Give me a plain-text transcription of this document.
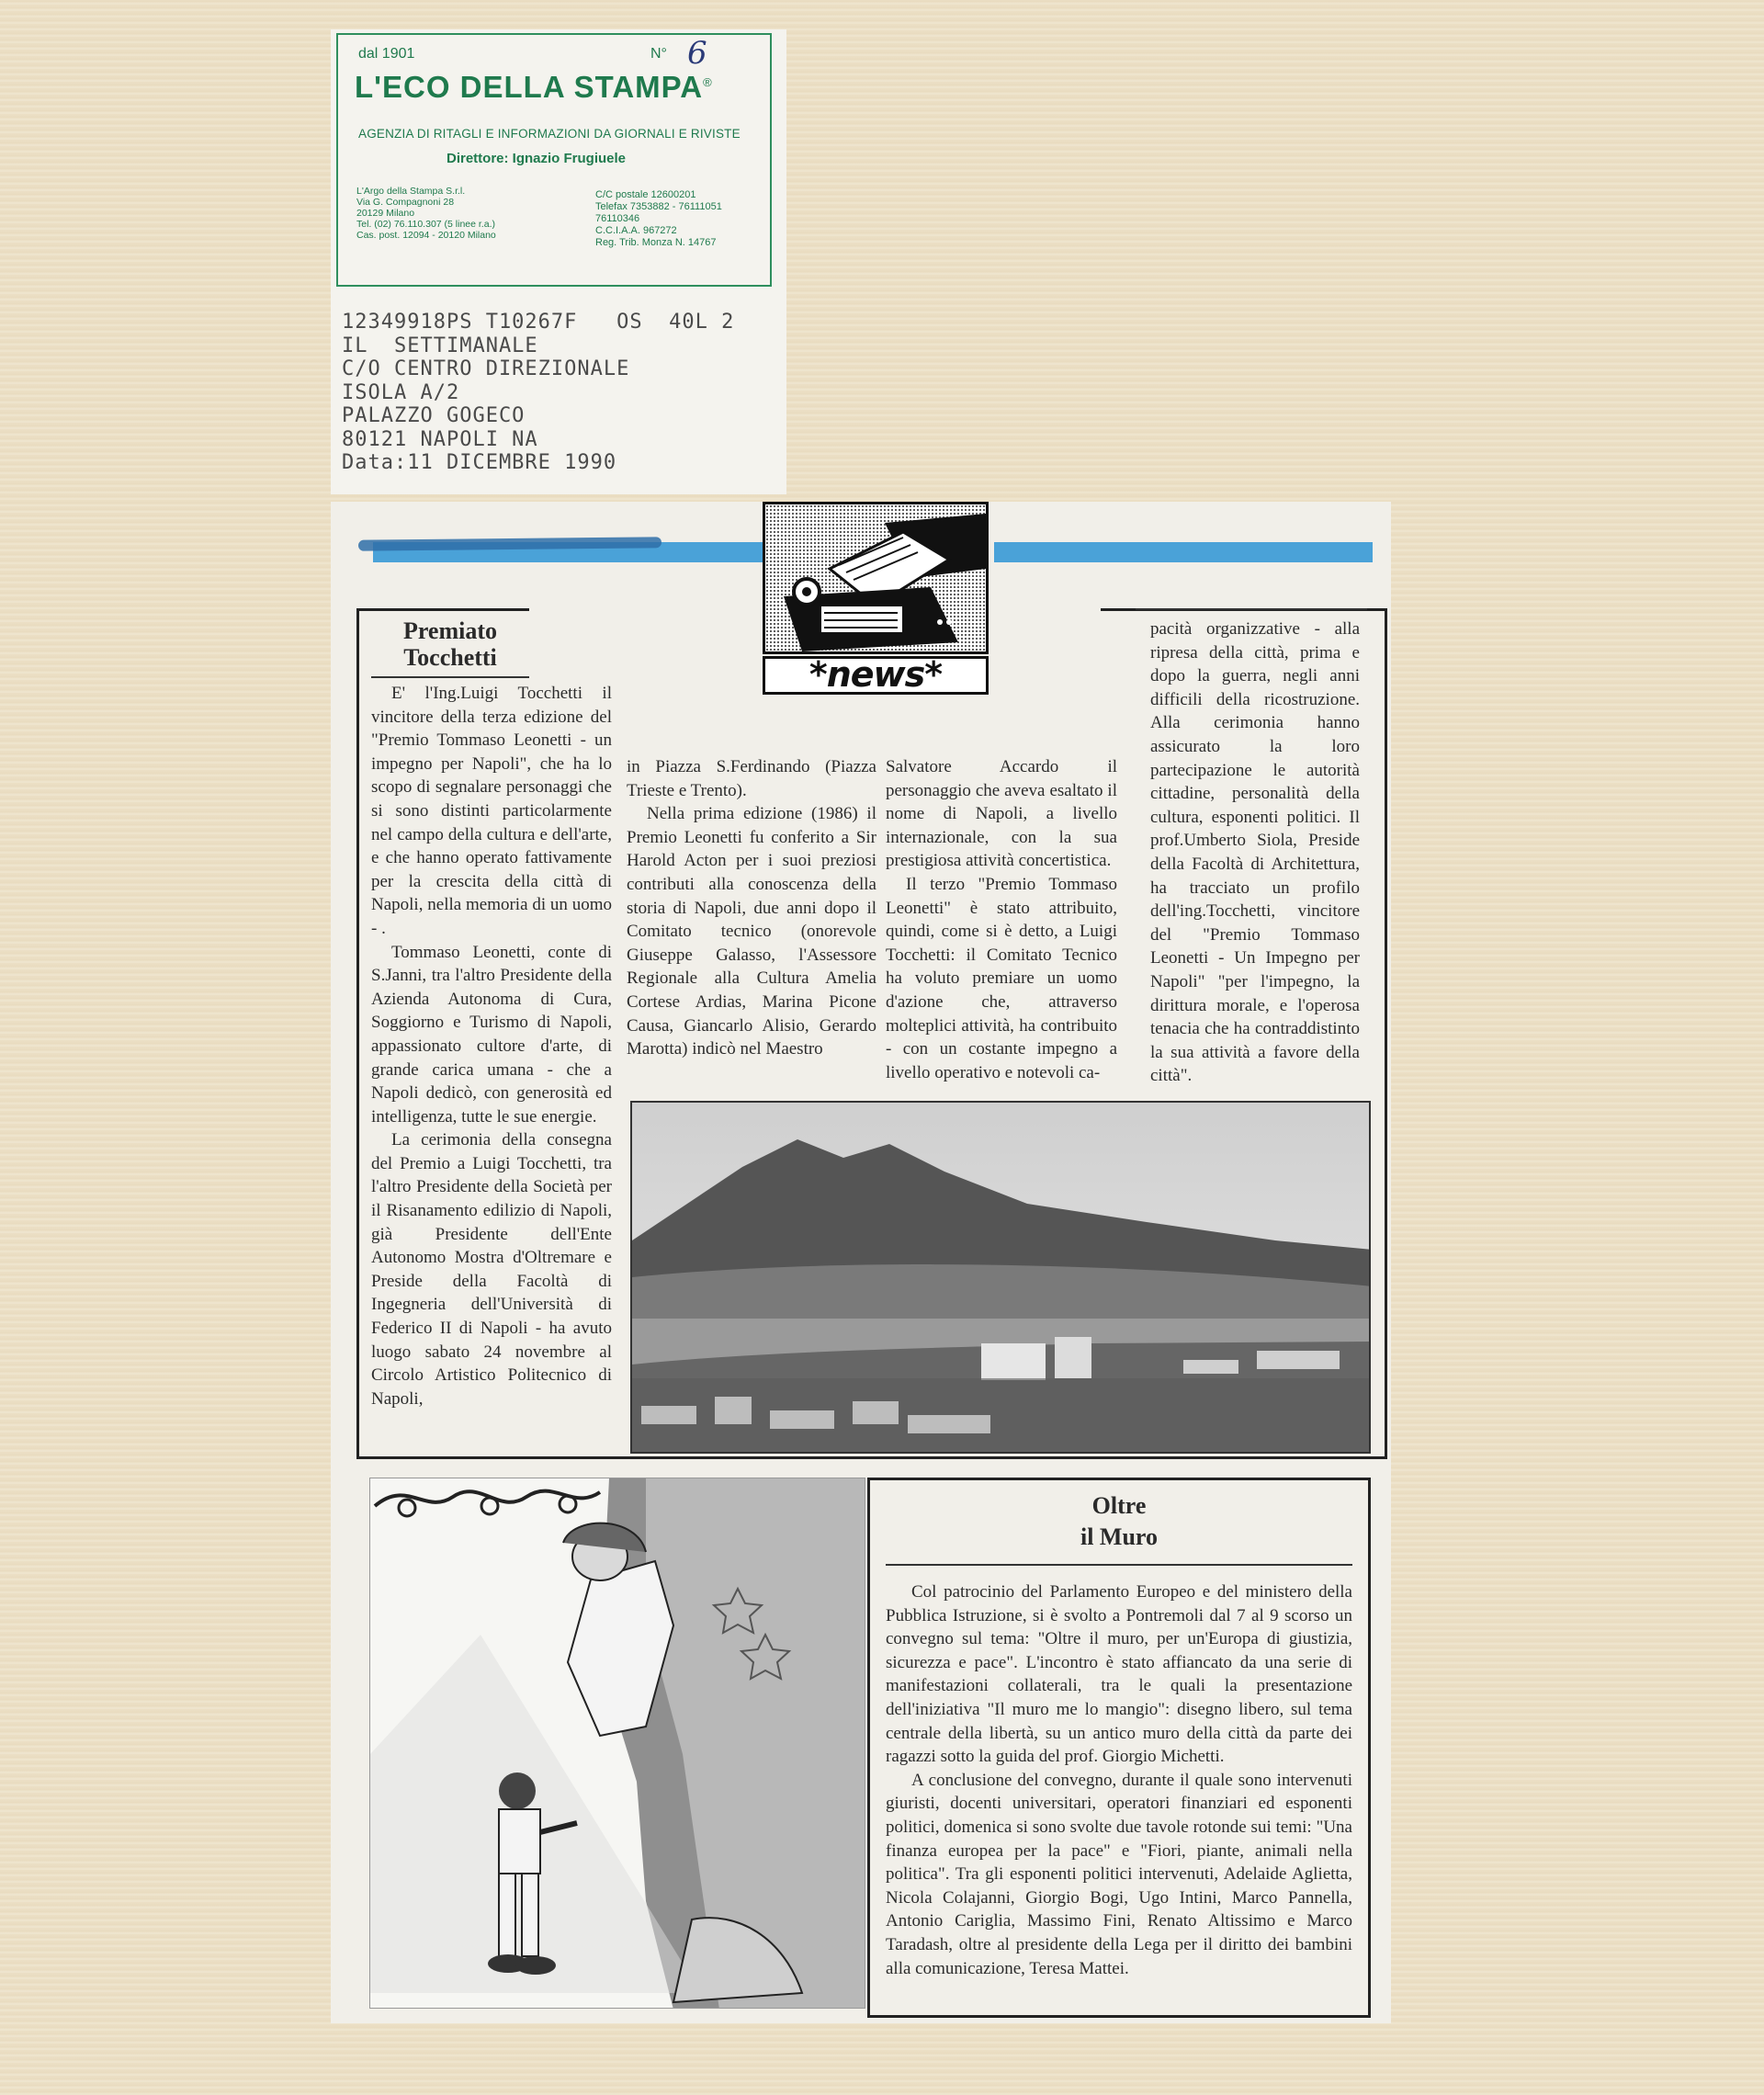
dal 1901	N° 6
L'ECO DELLA STAMPA®
AGENZIA DI RITAGLI E INFORMAZIONI DA GIORNALI E RIVISTE
Direttore: Ignazio Frugiuele
L'Argo della Stampa S.r.l.
Via G. Compagnoni 28
20129 Milano
Tel. (02) 76.110.307 (5 linee r.a.)
Cas. post. 12094 - 20120 Milano
C/C postale 12600201
Telefax 7353882 - 76111051
76110346
C.C.I.A.A. 967272
Reg. Trib. Monza N. 14767
12349918PS T10267F   OS  40L 2
IL  SETTIMANALE
C/O CENTRO DIREZIONALE
ISOLA A/2
PALAZZO GOGECO
80121 NAPOLI NA
Data:11 DICEMBRE 1990
*news*
Premiato Tocchetti

E' l'Ing.Luigi Tocchetti il vincitore della terza edizione del "Premio Tommaso Leonetti - un impegno per Napoli", che ha lo scopo di segnalare personaggi che si sono distinti particolarmente nel campo della cultura e dell'arte, e che hanno operato fattivamente per la crescita della città di Napoli, nella memoria di un uomo - .

Tommaso Leonetti, conte di S.Janni, tra l'altro Presidente della Azienda Autonoma di Cura, Soggiorno e Turismo di Napoli, appassionato cultore d'arte, di grande carica umana - che a Napoli dedicò, con generosità ed intelligenza, tutte le sue energie.

La cerimonia della consegna del Premio a Luigi Tocchetti, tra l'altro Presidente della Società per il Risanamento edilizio di Napoli, già Presidente dell'Ente Autonomo Mostra d'Oltremare e Preside della Facoltà di Ingegneria dell'Università di Federico II di Napoli - ha avuto luogo sabato 24 novembre al Circolo Artistico Politecnico di Napoli,

in Piazza S.Ferdinando (Piazza Trieste e Trento).

Nella prima edizione (1986) il Premio Leonetti fu conferito a Sir Harold Acton per i suoi preziosi contributi alla conoscenza della storia di Napoli, due anni dopo il Comitato tecnico (onorevole Giuseppe Galasso, l'Assessore Regionale alla Cultura Amelia Cortese Ardias, Marina Picone Causa, Giancarlo Alisio, Gerardo Marotta) indicò nel Maestro

Salvatore Accardo il personaggio che aveva esaltato il nome di Napoli, a livello internazionale, con la sua prestigiosa attività concertistica.

Il terzo "Premio Tommaso Leonetti" è stato attribuito, quindi, come si è detto, a Luigi Tocchetti: il Comitato Tecnico ha voluto premiare un uomo d'azione che, attraverso molteplici attività, ha contribuito - con un costante impegno a livello operativo e notevoli ca-

pacità organizzative - alla ripresa della città, prima e dopo la guerra, negli anni difficili della ricostruzione. Alla cerimonia hanno assicurato la loro partecipazione le autorità cittadine, personalità della cultura, esponenti politici. Il prof.Umberto Siola, Preside della Facoltà di Architettura, ha tracciato un profilo dell'ing.Tocchetti, vincitore del "Premio Tommaso Leonetti - Un Impegno per Napoli" "per l'impegno, la dirittura morale, e l'operosa tenacia che ha contraddistinto la sua attività a favore della città".

Oltre
il Muro

Col patrocinio del Parlamento Europeo e del ministero della Pubblica Istruzione, si è svolto a Pontremoli dal 7 al 9 scorso un convegno sul tema: "Oltre il muro, per un'Europa di giustizia, sicurezza e pace". L'incontro è stato affiancato da una serie di manifestazioni collaterali, tra le quali la presentazione dell'iniziativa "Il muro me lo mangio": disegno libero, sul tema centrale della libertà, su un antico muro della città da parte dei ragazzi sotto la guida del prof. Giorgio Michetti.

A conclusione del convegno, durante il quale sono intervenuti giuristi, docenti universitari, operatori finanziari ed esponenti politici, domenica si sono svolte due tavole rotonde sui temi: "Una finanza europea per la pace" e "Fiori, piante, animali nella politica". Tra gli esponenti politici intervenuti, Adelaide Aglietta, Nicola Colajanni, Giorgio Bogi, Ugo Intini, Marco Pannella, Antonio Cariglia, Massimo Fini, Renato Altissimo e Marco Taradash, oltre al presidente della Lega per il diritto dei bambini alla comunicazione, Teresa Mattei.
